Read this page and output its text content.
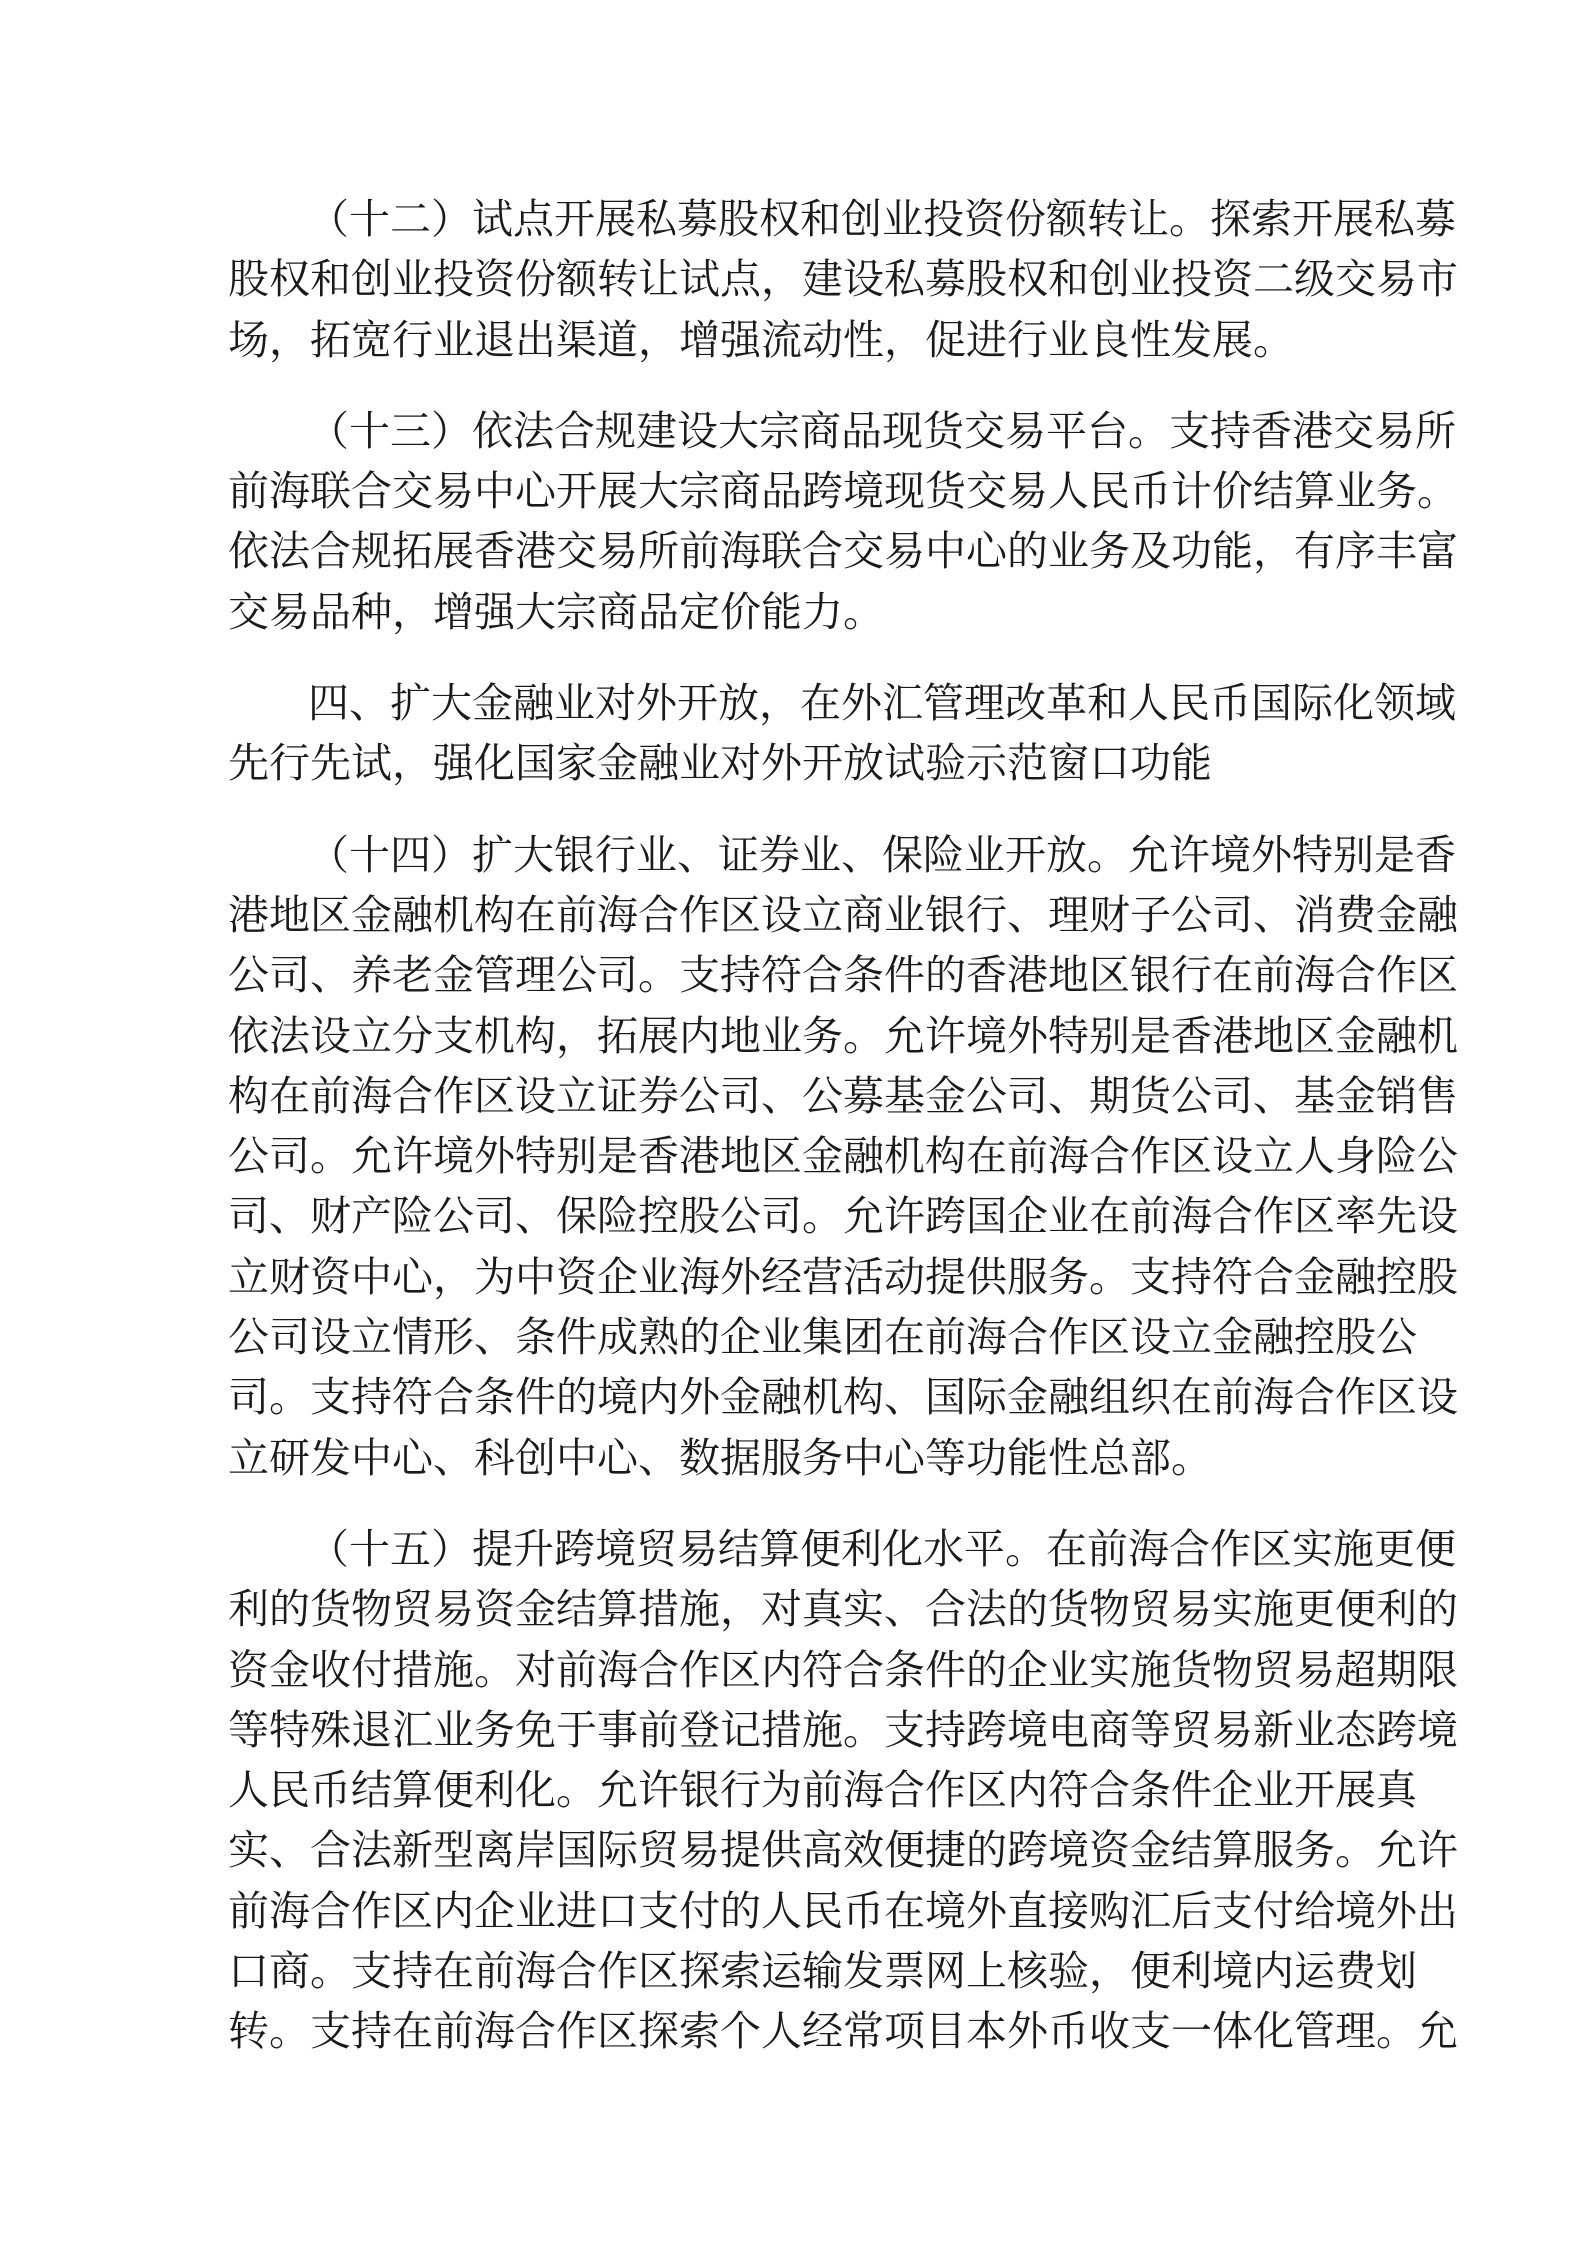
（十二）试点开展私募股权和创业投资份额转让。探索开展私募
股权和创业投资份额转让试点，建设私募股权和创业投资二级交易市
场，拓宽行业退出渠道，增强流动性，促进行业良性发展。
（十三）依法合规建设大宗商品现货交易平台。支持香港交易所
前海联合交易中心开展大宗商品跨境现货交易人民币计价结算业务。
依法合规拓展香港交易所前海联合交易中心的业务及功能，有序丰富
交易品种，增强大宗商品定价能力。
四、扩大金融业对外开放，在外汇管理改革和人民币国际化领域
先行先试，强化国家金融业对外开放试验示范窗口功能
（十四）扩大银行业、证券业、保险业开放。允许境外特别是香
港地区金融机构在前海合作区设立商业银行、理财子公司、消费金融
公司、养老金管理公司。支持符合条件的香港地区银行在前海合作区
依法设立分支机构，拓展内地业务。允许境外特别是香港地区金融机
构在前海合作区设立证券公司、公募基金公司、期货公司、基金销售
公司。允许境外特别是香港地区金融机构在前海合作区设立人身险公
司、财产险公司、保险控股公司。允许跨国企业在前海合作区率先设
立财资中心，为中资企业海外经营活动提供服务。支持符合金融控股
公司设立情形、条件成熟的企业集团在前海合作区设立金融控股公
司。支持符合条件的境内外金融机构、国际金融组织在前海合作区设
立研发中心、科创中心、数据服务中心等功能性总部。
（十五）提升跨境贸易结算便利化水平。在前海合作区实施更便
利的货物贸易资金结算措施，对真实、合法的货物贸易实施更便利的
资金收付措施。对前海合作区内符合条件的企业实施货物贸易超期限
等特殊退汇业务免于事前登记措施。支持跨境电商等贸易新业态跨境
人民币结算便利化。允许银行为前海合作区内符合条件企业开展真
实、合法新型离岸国际贸易提供高效便捷的跨境资金结算服务。允许
前海合作区内企业进口支付的人民币在境外直接购汇后支付给境外出
口商。支持在前海合作区探索运输发票网上核验，便利境内运费划
转。支持在前海合作区探索个人经常项目本外币收支一体化管理。允
